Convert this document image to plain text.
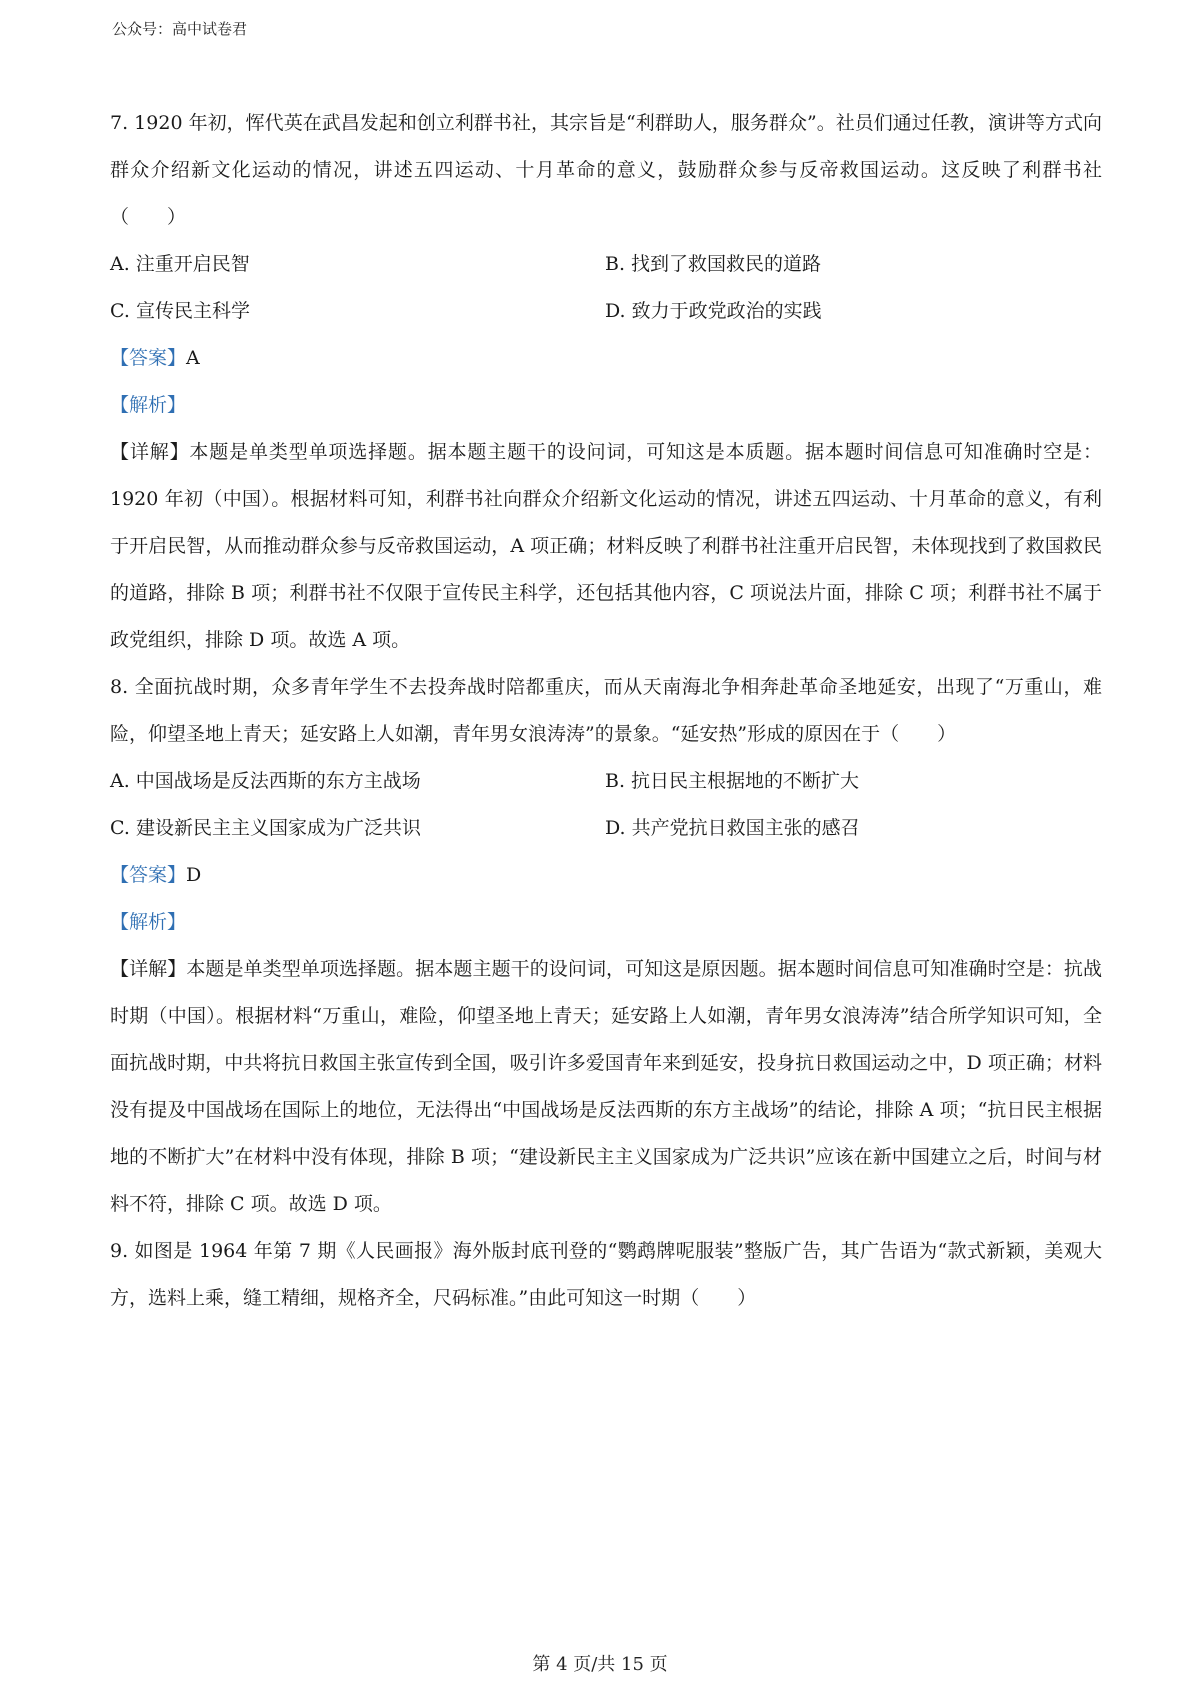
公众号：高中试卷君

7. 1920 年初，恽代英在武昌发起和创立利群书社，其宗旨是“利群助人，服务群众”。社员们通过任教，演讲等方式向群众介绍新文化运动的情况，讲述五四运动、十月革命的意义，鼓励群众参与反帝救国运动。这反映了利群书社（　　）

A. 注重开启民智	B. 找到了救国救民的道路
C. 宣传民主科学	D. 致力于政党政治的实践

【答案】A

【解析】

【详解】本题是单类型单项选择题。据本题主题干的设问词，可知这是本质题。据本题时间信息可知准确时空是：1920 年初（中国）。根据材料可知，利群书社向群众介绍新文化运动的情况，讲述五四运动、十月革命的意义，有利于开启民智，从而推动群众参与反帝救国运动，A 项正确；材料反映了利群书社注重开启民智，未体现找到了救国救民的道路，排除 B 项；利群书社不仅限于宣传民主科学，还包括其他内容，C 项说法片面，排除 C 项；利群书社不属于政党组织，排除 D 项。故选 A 项。

8. 全面抗战时期，众多青年学生不去投奔战时陪都重庆，而从天南海北争相奔赴革命圣地延安，出现了“万重山，难险，仰望圣地上青天；延安路上人如潮，青年男女浪涛涛”的景象。“延安热”形成的原因在于（　　）

A. 中国战场是反法西斯的东方主战场	B. 抗日民主根据地的不断扩大
C. 建设新民主主义国家成为广泛共识	D. 共产党抗日救国主张的感召

【答案】D

【解析】

【详解】本题是单类型单项选择题。据本题主题干的设问词，可知这是原因题。据本题时间信息可知准确时空是：抗战时期（中国）。根据材料“万重山，难险，仰望圣地上青天；延安路上人如潮，青年男女浪涛涛”结合所学知识可知，全面抗战时期，中共将抗日救国主张宣传到全国，吸引许多爱国青年来到延安，投身抗日救国运动之中，D 项正确；材料没有提及中国战场在国际上的地位，无法得出“中国战场是反法西斯的东方主战场”的结论，排除 A 项；“抗日民主根据地的不断扩大”在材料中没有体现，排除 B 项；“建设新民主主义国家成为广泛共识”应该在新中国建立之后，时间与材料不符，排除 C 项。故选 D 项。

9. 如图是 1964 年第 7 期《人民画报》海外版封底刊登的“鹦鹉牌呢服装”整版广告，其广告语为“款式新颖，美观大方，选料上乘，缝工精细，规格齐全，尺码标准。”由此可知这一时期（　　）

第 4 页/共 15 页
